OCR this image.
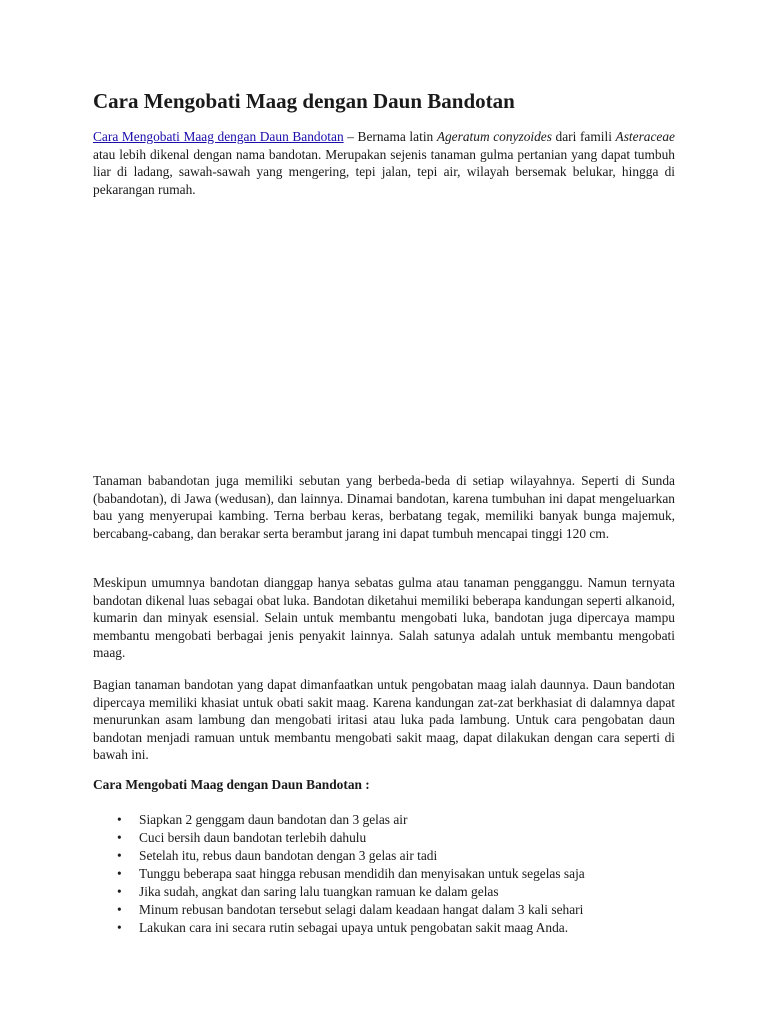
Cara Mengobati Maag dengan Daun Bandotan

Cara Mengobati Maag dengan Daun Bandotan – Bernama latin Ageratum conyzoides dari famili Asteraceae atau lebih dikenal dengan nama bandotan. Merupakan sejenis tanaman gulma pertanian yang dapat tumbuh liar di ladang, sawah-sawah yang mengering, tepi jalan, tepi air, wilayah bersemak belukar, hingga di pekarangan rumah.

Tanaman babandotan juga memiliki sebutan yang berbeda-beda di setiap wilayahnya. Seperti di Sunda (babandotan), di Jawa (wedusan), dan lainnya. Dinamai bandotan, karena tumbuhan ini dapat mengeluarkan bau yang menyerupai kambing. Terna berbau keras, berbatang tegak, memiliki banyak bunga majemuk, bercabang-cabang, dan berakar serta berambut jarang ini dapat tumbuh mencapai tinggi 120 cm.

Meskipun umumnya bandotan dianggap hanya sebatas gulma atau tanaman pengganggu. Namun ternyata bandotan dikenal luas sebagai obat luka. Bandotan diketahui memiliki beberapa kandungan seperti alkanoid, kumarin dan minyak esensial. Selain untuk membantu mengobati luka, bandotan juga dipercaya mampu membantu mengobati berbagai jenis penyakit lainnya. Salah satunya adalah untuk membantu mengobati maag.

Bagian tanaman bandotan yang dapat dimanfaatkan untuk pengobatan maag ialah daunnya. Daun bandotan dipercaya memiliki khasiat untuk obati sakit maag. Karena kandungan zat-zat berkhasiat di dalamnya dapat menurunkan asam lambung dan mengobati iritasi atau luka pada lambung. Untuk cara pengobatan daun bandotan menjadi ramuan untuk membantu mengobati sakit maag, dapat dilakukan dengan cara seperti di bawah ini.

Cara Mengobati Maag dengan Daun Bandotan :
• Siapkan 2 genggam daun bandotan dan 3 gelas air
• Cuci bersih daun bandotan terlebih dahulu
• Setelah itu, rebus daun bandotan dengan 3 gelas air tadi
• Tunggu beberapa saat hingga rebusan mendidih dan menyisakan untuk segelas saja
• Jika sudah, angkat dan saring lalu tuangkan ramuan ke dalam gelas
• Minum rebusan bandotan tersebut selagi dalam keadaan hangat dalam 3 kali sehari
• Lakukan cara ini secara rutin sebagai upaya untuk pengobatan sakit maag Anda.
